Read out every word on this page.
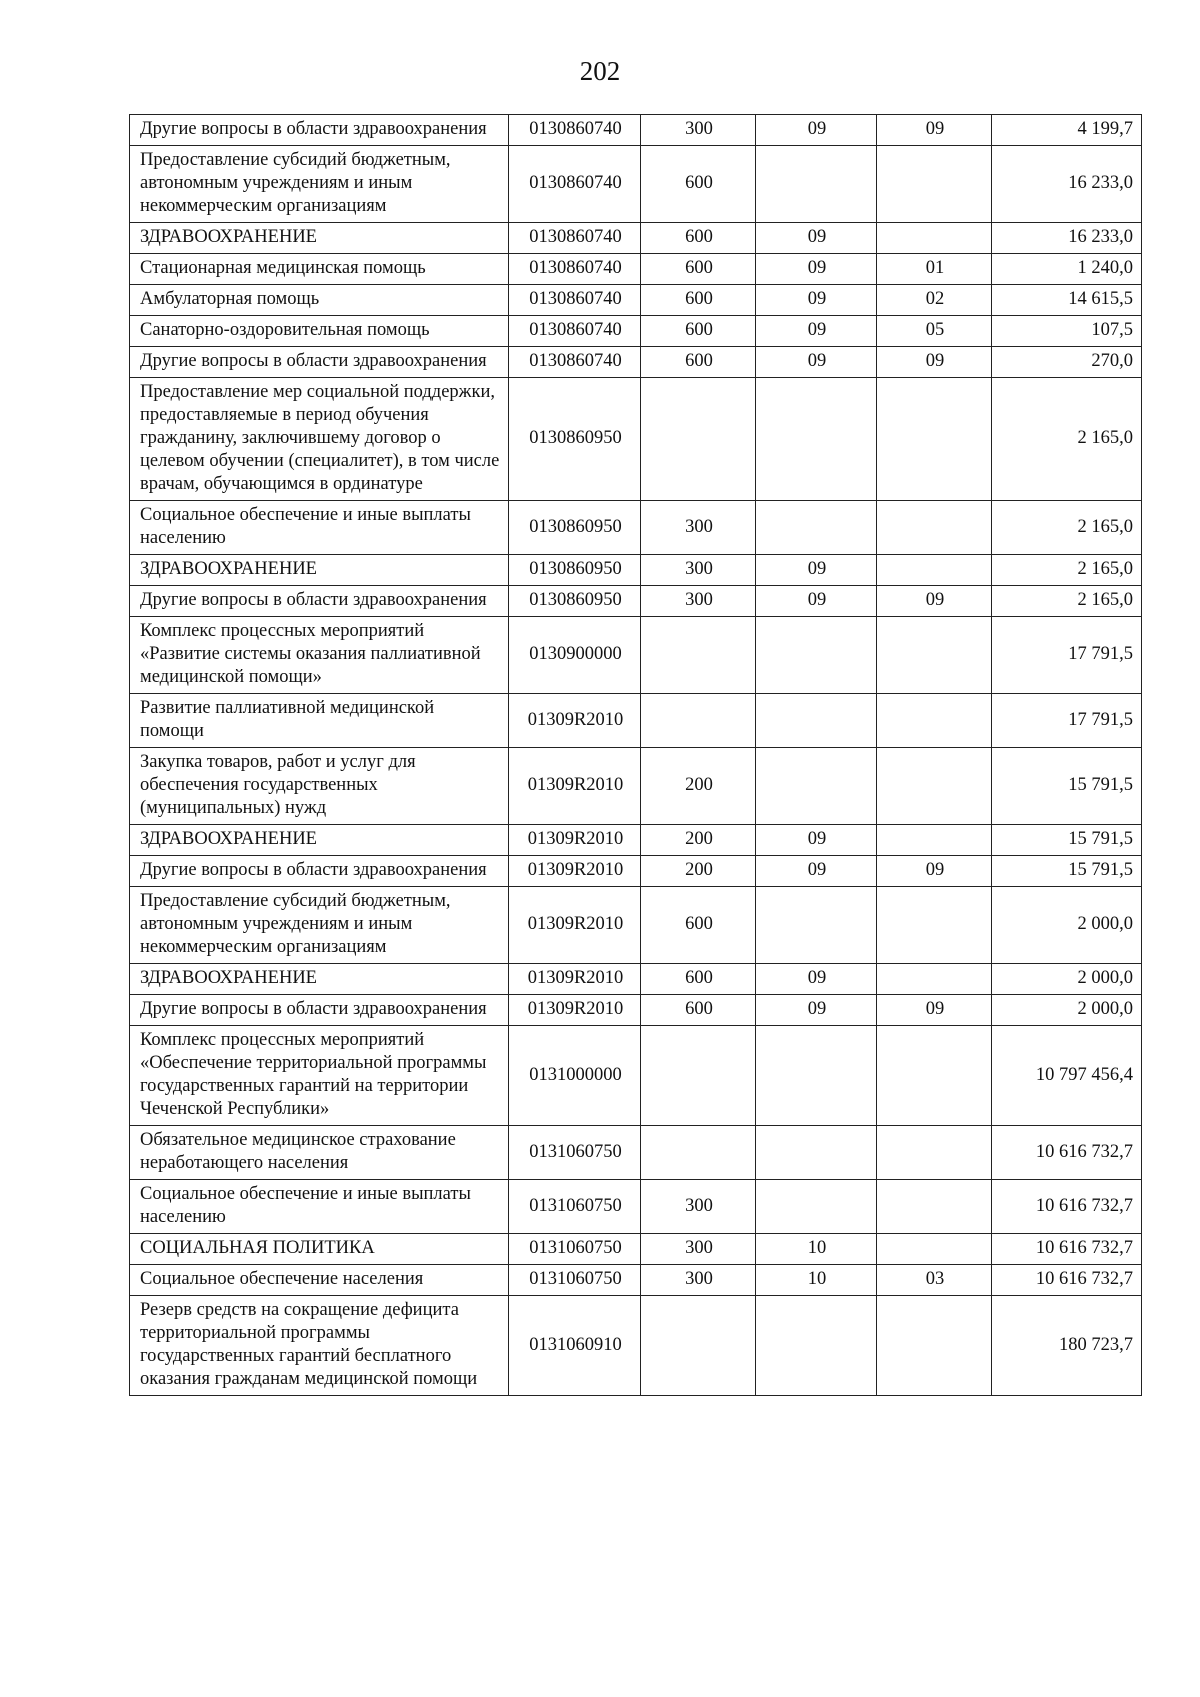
202
Другие вопросы в области здравоохранения	0130860740	300	09	09	4 199,7
Предоставление субсидий бюджетным, автономным учреждениям и иным некоммерческим организациям	0130860740	600			16 233,0
ЗДРАВООХРАНЕНИЕ	0130860740	600	09		16 233,0
Стационарная медицинская помощь	0130860740	600	09	01	1 240,0
Амбулаторная помощь	0130860740	600	09	02	14 615,5
Санаторно-оздоровительная помощь	0130860740	600	09	05	107,5
Другие вопросы в области здравоохранения	0130860740	600	09	09	270,0
Предоставление мер социальной поддержки, предоставляемые в период обучения гражданину, заключившему договор о целевом обучении (специалитет), в том числе врачам, обучающимся в ординатуре	0130860950				2 165,0
Социальное обеспечение и иные выплаты населению	0130860950	300			2 165,0
ЗДРАВООХРАНЕНИЕ	0130860950	300	09		2 165,0
Другие вопросы в области здравоохранения	0130860950	300	09	09	2 165,0
Комплекс процессных мероприятий «Развитие системы оказания паллиативной медицинской помощи»	0130900000				17 791,5
Развитие паллиативной медицинской помощи	01309R2010				17 791,5
Закупка товаров, работ и услуг для обеспечения государственных (муниципальных) нужд	01309R2010	200			15 791,5
ЗДРАВООХРАНЕНИЕ	01309R2010	200	09		15 791,5
Другие вопросы в области здравоохранения	01309R2010	200	09	09	15 791,5
Предоставление субсидий бюджетным, автономным учреждениям и иным некоммерческим организациям	01309R2010	600			2 000,0
ЗДРАВООХРАНЕНИЕ	01309R2010	600	09		2 000,0
Другие вопросы в области здравоохранения	01309R2010	600	09	09	2 000,0
Комплекс процессных мероприятий «Обеспечение территориальной программы государственных гарантий на территории Чеченской Республики»	0131000000				10 797 456,4
Обязательное медицинское страхование неработающего населения	0131060750				10 616 732,7
Социальное обеспечение и иные выплаты населению	0131060750	300			10 616 732,7
СОЦИАЛЬНАЯ ПОЛИТИКА	0131060750	300	10		10 616 732,7
Социальное обеспечение населения	0131060750	300	10	03	10 616 732,7
Резерв средств на сокращение дефицита территориальной программы государственных гарантий бесплатного оказания гражданам медицинской помощи	0131060910				180 723,7
